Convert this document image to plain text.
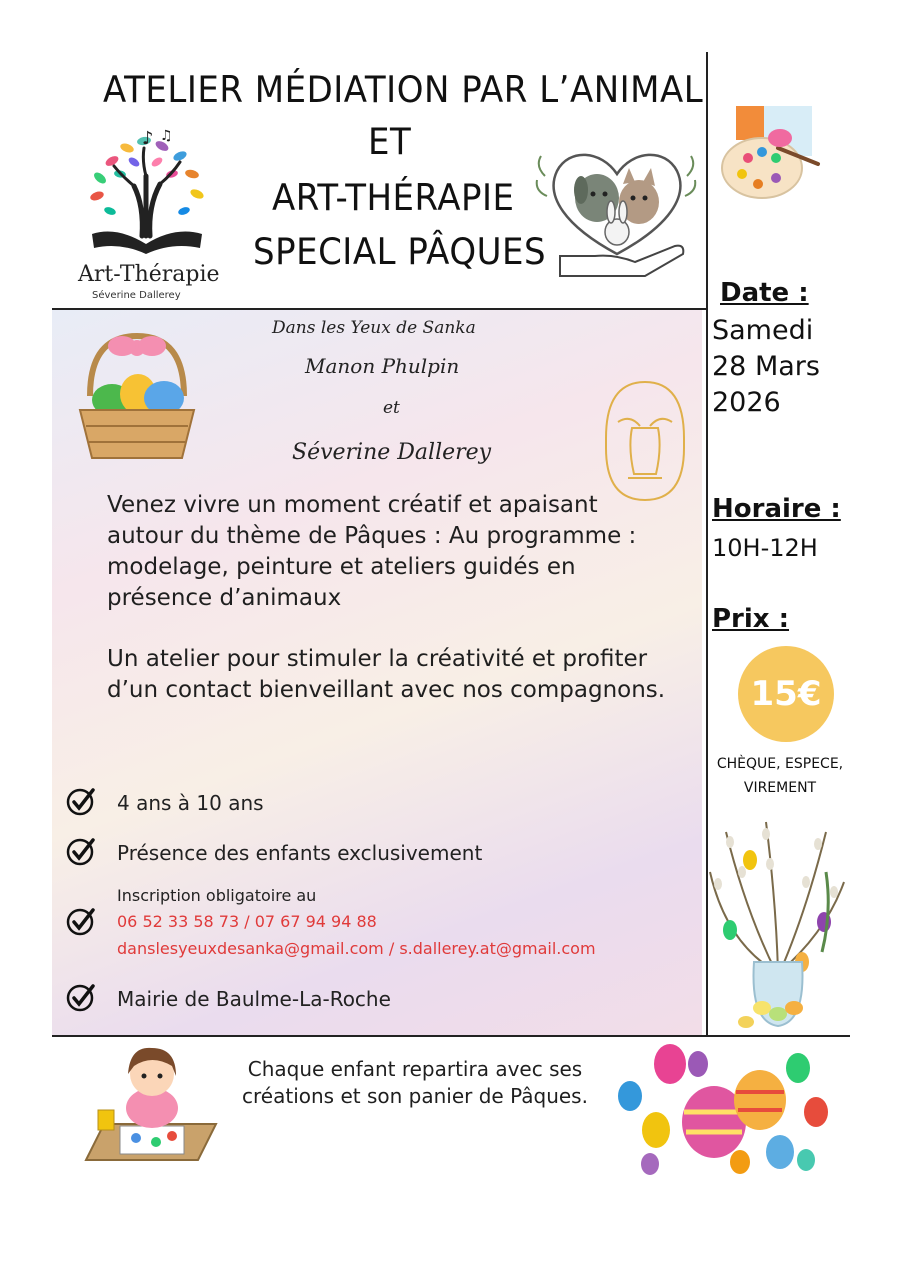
ATELIER MÉDIATION PAR L’ANIMAL
ET
ART-THÉRAPIE
SPECIAL PÂQUES
♪ ♫
Art-Thérapie
Séverine Dallerey
Dans les Yeux de Sanka
Manon Phulpin
et
Séverine Dallerey
Venez vivre un moment créatif et apaisant autour du thème de Pâques : Au programme : modelage, peinture et ateliers guidés en présence d’animaux
Un atelier pour stimuler la créativité et profiter d’un contact bienveillant avec nos compagnons.
4 ans à 10 ans
Présence des enfants exclusivement
Inscription obligatoire au
06 52 33 58 73 / 07 67 94 94 88
danslesyeuxdesanka@gmail.com / s.dallerey.at@gmail.com
Mairie de Baulme-La-Roche
Date :
Samedi
28 Mars
2026
Horaire :
10H-12H
Prix :
15€
CHÈQUE, ESPECE,
VIREMENT
Chaque enfant repartira avec ses créations et son panier de Pâques.
